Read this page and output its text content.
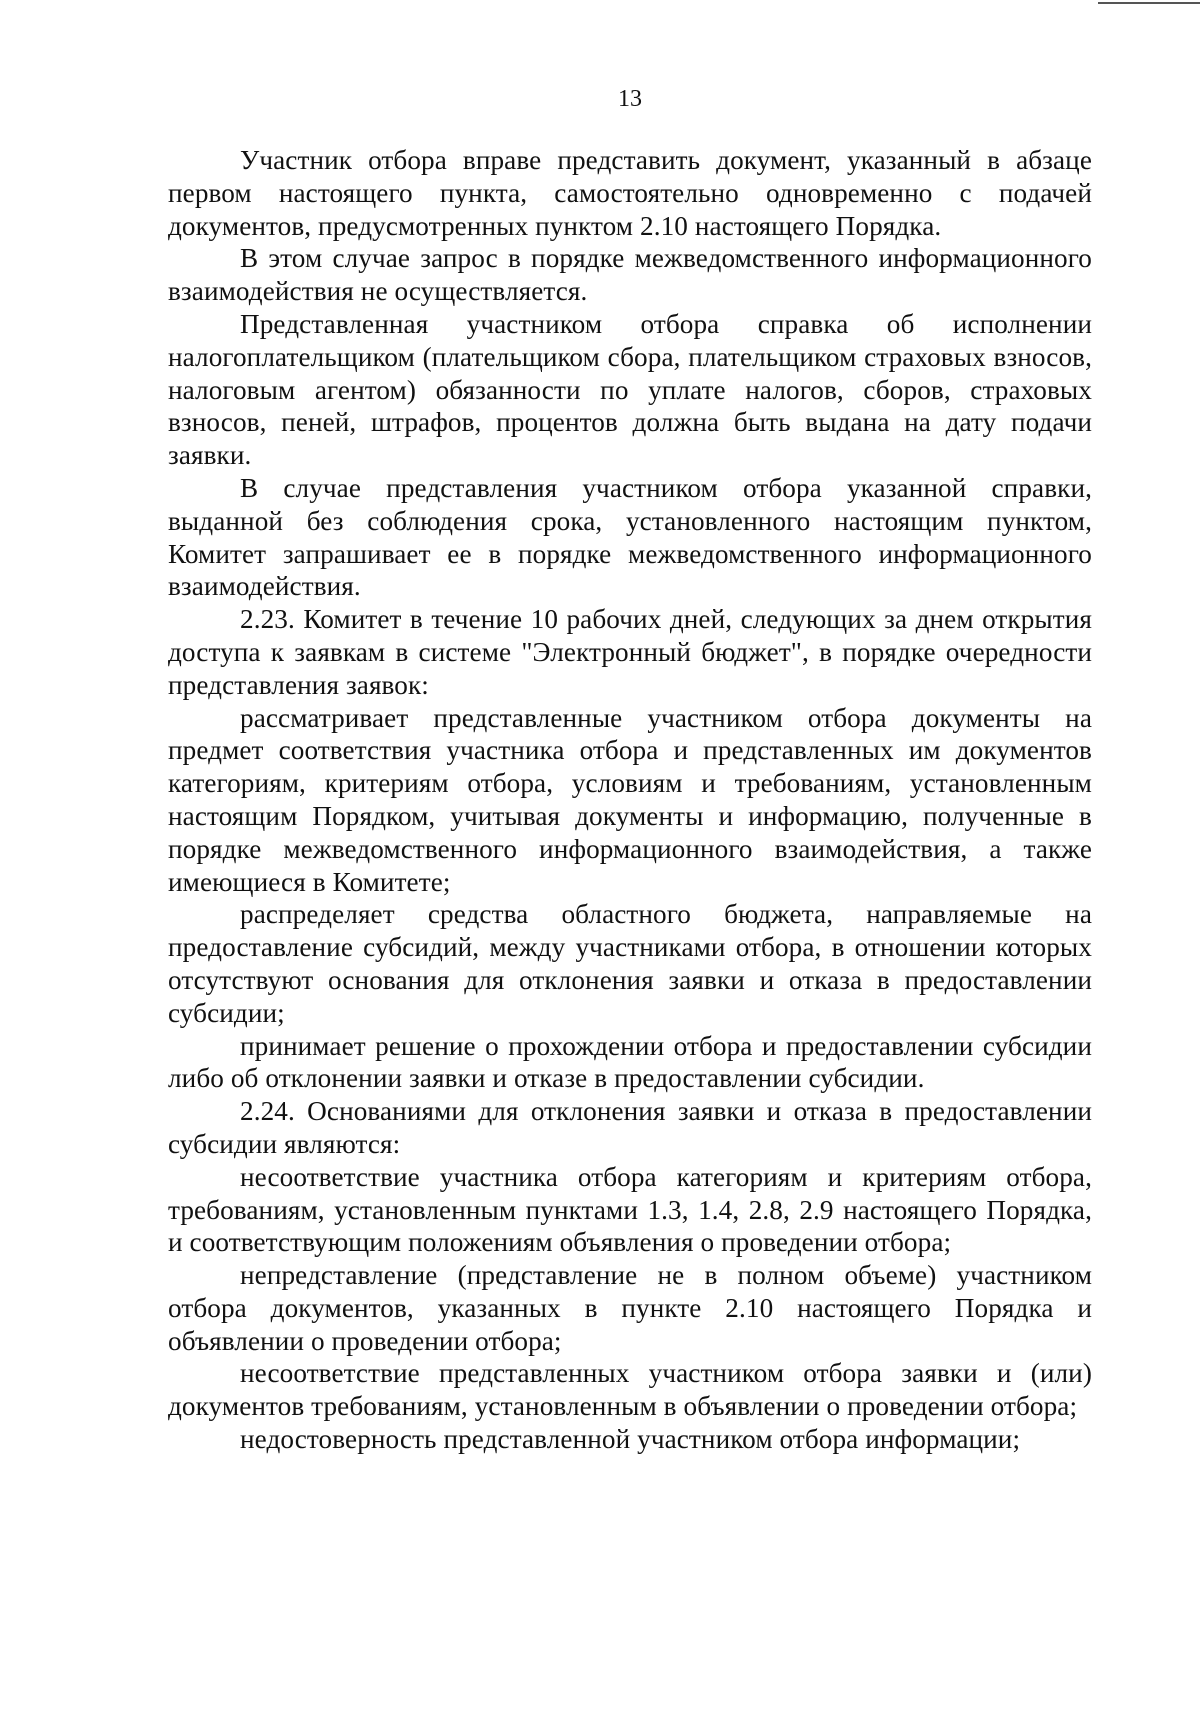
13

Участник отбора вправе представить документ, указанный в абзаце первом настоящего пункта, самостоятельно одновременно с подачей документов, предусмотренных пунктом 2.10 настоящего Порядка.

В этом случае запрос в порядке межведомственного информационного взаимодействия не осуществляется.

Представленная участником отбора справка об исполнении налогоплательщиком (плательщиком сбора, плательщиком страховых взносов, налоговым агентом) обязанности по уплате налогов, сборов, страховых взносов, пеней, штрафов, процентов должна быть выдана на дату подачи заявки.

В случае представления участником отбора указанной справки, выданной без соблюдения срока, установленного настоящим пунктом, Комитет запрашивает ее в порядке межведомственного информационного взаимодействия.

2.23. Комитет в течение 10 рабочих дней, следующих за днем открытия доступа к заявкам в системе "Электронный бюджет", в порядке очередности представления заявок:

рассматривает представленные участником отбора документы на предмет соответствия участника отбора и представленных им документов категориям, критериям отбора, условиям и требованиям, установленным настоящим Порядком, учитывая документы и информацию, полученные в порядке межведомственного информационного взаимодействия, а также имеющиеся в Комитете;

распределяет средства областного бюджета, направляемые на предоставление субсидий, между участниками отбора, в отношении которых отсутствуют основания для отклонения заявки и отказа в предоставлении субсидии;

принимает решение о прохождении отбора и предоставлении субсидии либо об отклонении заявки и отказе в предоставлении субсидии.

2.24. Основаниями для отклонения заявки и отказа в предоставлении субсидии являются:

несоответствие участника отбора категориям и критериям отбора, требованиям, установленным пунктами 1.3, 1.4, 2.8, 2.9 настоящего Порядка, и соответствующим положениям объявления о проведении отбора;

непредставление (представление не в полном объеме) участником отбора документов, указанных в пункте 2.10 настоящего Порядка и объявлении о проведении отбора;

несоответствие представленных участником отбора заявки и (или) документов требованиям, установленным в объявлении о проведении отбора;

недостоверность представленной участником отбора информации;
